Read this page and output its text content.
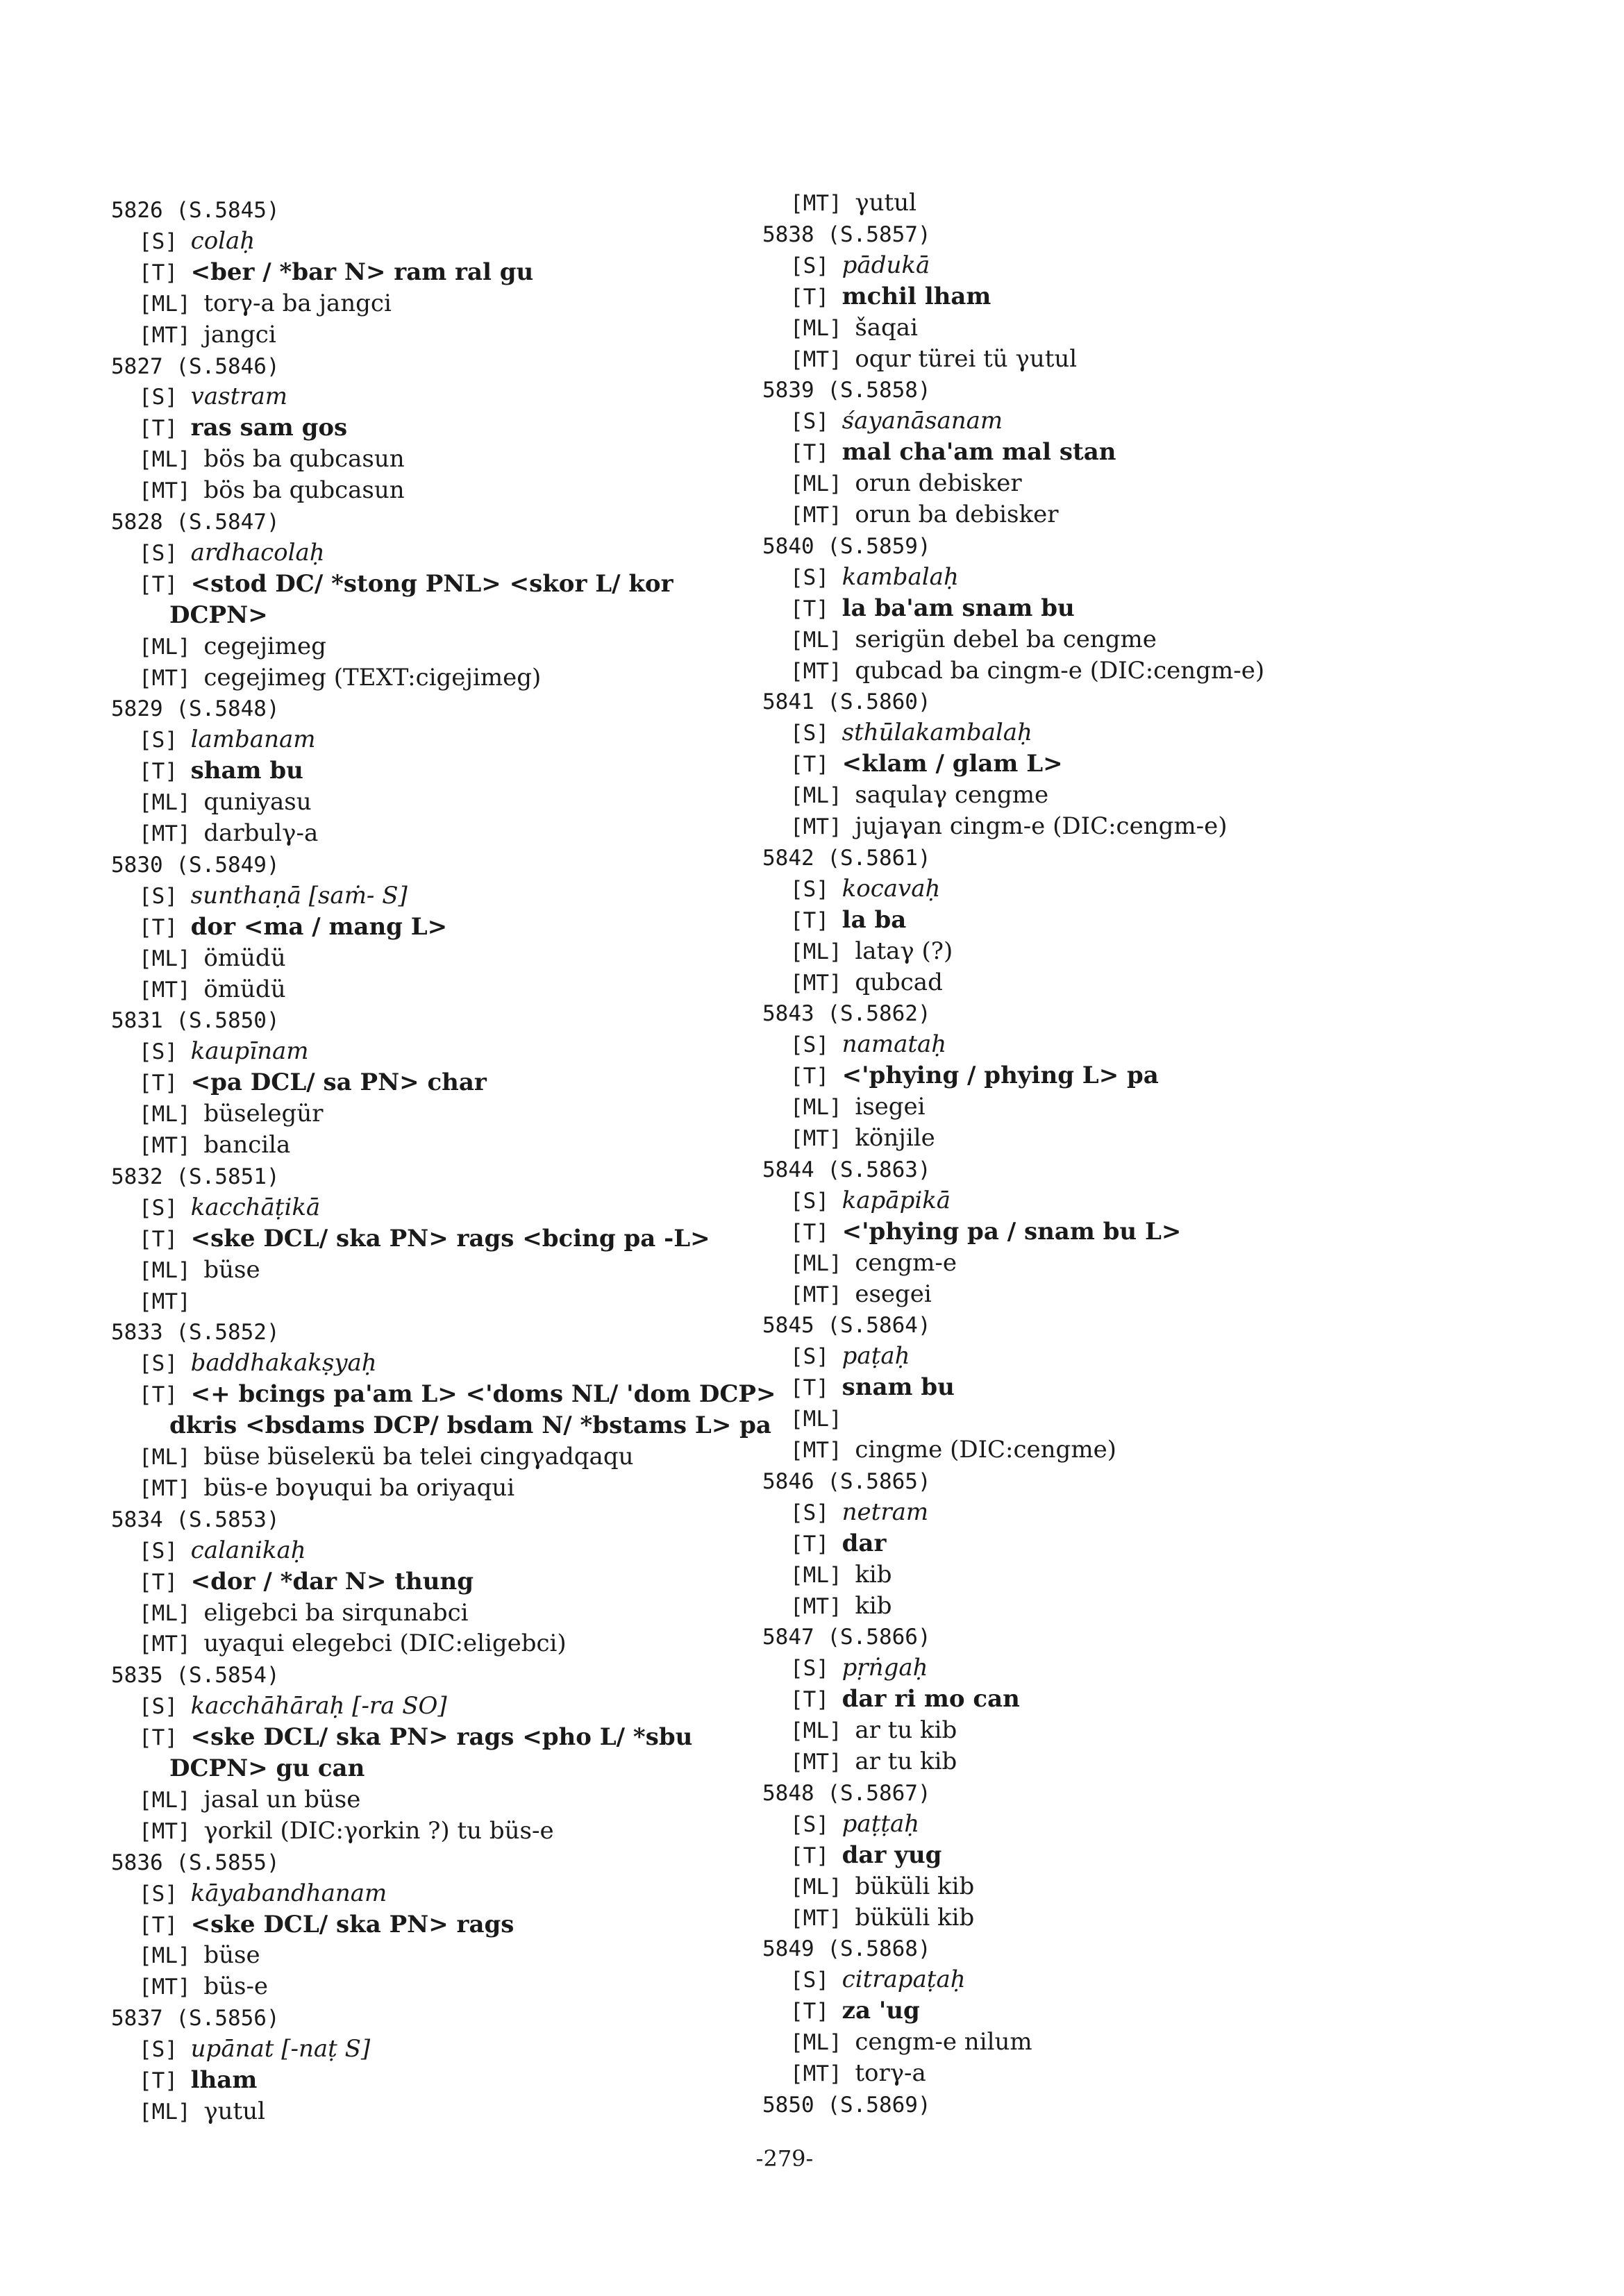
5826 (S.5845)
[S] colaḥ
[T] <ber / *bar N> ram ral gu
[ML] torγ-a ba jangci
[MT] jangci
5827 (S.5846)
[S] vastram
[T] ras sam gos
[ML] bös ba qubcasun
[MT] bös ba qubcasun
5828 (S.5847)
[S] ardhacolaḥ
[T] <stod DC/ *stong PNL> <skor L/ kor
DCPN>
[ML] cegejimeg
[MT] cegejimeg (TEXT:cigejimeg)
5829 (S.5848)
[S] lambanam
[T] sham bu
[ML] quniyasu
[MT] darbulγ-a
5830 (S.5849)
[S] sunthaṇā [saṁ- S]
[T] dor <ma / mang L>
[ML] ömüdü
[MT] ömüdü
5831 (S.5850)
[S] kaupīnam
[T] <pa DCL/ sa PN> char
[ML] büselegür
[MT] bancila
5832 (S.5851)
[S] kacchāṭikā
[T] <ske DCL/ ska PN> rags <bcing pa -L>
[ML] büse
[MT]
5833 (S.5852)
[S] baddhakakṣyaḥ
[T] <+ bcings pa'am L> <'doms NL/ 'dom DCP>
dkris <bsdams DCP/ bsdam N/ *bstams L> pa
[ML] büse büseleкü ba telei cingγadqaqu
[MT] büs-e boγuqui ba oriyaqui
5834 (S.5853)
[S] calanikaḥ
[T] <dor / *dar N> thung
[ML] eligebci ba sirqunabci
[MT] uyaqui elegebci (DIC:eligebci)
5835 (S.5854)
[S] kacchāhāraḥ [-ra SO]
[T] <ske DCL/ ska PN> rags <pho L/ *sbu
DCPN> gu can
[ML] jasal un büse
[MT] γorkil (DIC:γorkin ?) tu büs-e
5836 (S.5855)
[S] kāyabandhanam
[T] <ske DCL/ ska PN> rags
[ML] büse
[MT] büs-e
5837 (S.5856)
[S] upānat [-naṭ S]
[T] lham
[ML] γutul
[MT] γutul
5838 (S.5857)
[S] pādukā
[T] mchil lham
[ML] šaqai
[MT] oqur türei tü γutul
5839 (S.5858)
[S] śayanāsanam
[T] mal cha'am mal stan
[ML] orun debisker
[MT] orun ba debisker
5840 (S.5859)
[S] kambalaḥ
[T] la ba'am snam bu
[ML] serigün debel ba cengme
[MT] qubcad ba cingm-e (DIC:cengm-e)
5841 (S.5860)
[S] sthūlakambalaḥ
[T] <klam / glam L>
[ML] saqulaγ cengme
[MT] jujaγan cingm-e (DIC:cengm-e)
5842 (S.5861)
[S] kocavaḥ
[T] la ba
[ML] lataγ (?)
[MT] qubcad
5843 (S.5862)
[S] namataḥ
[T] <'phying / phying L> pa
[ML] isegei
[MT] könjile
5844 (S.5863)
[S] kapāpikā
[T] <'phying pa / snam bu L>
[ML] cengm-e
[MT] esegei
5845 (S.5864)
[S] paṭaḥ
[T] snam bu
[ML]
[MT] cingme (DIC:cengme)
5846 (S.5865)
[S] netram
[T] dar
[ML] kib
[MT] kib
5847 (S.5866)
[S] pṛṅgaḥ
[T] dar ri mo can
[ML] ar tu kib
[MT] ar tu kib
5848 (S.5867)
[S] paṭṭaḥ
[T] dar yug
[ML] büküli kib
[MT] büküli kib
5849 (S.5868)
[S] citrapaṭaḥ
[T] za 'ug
[ML] cengm-e nilum
[MT] torγ-a
5850 (S.5869)
-279-
